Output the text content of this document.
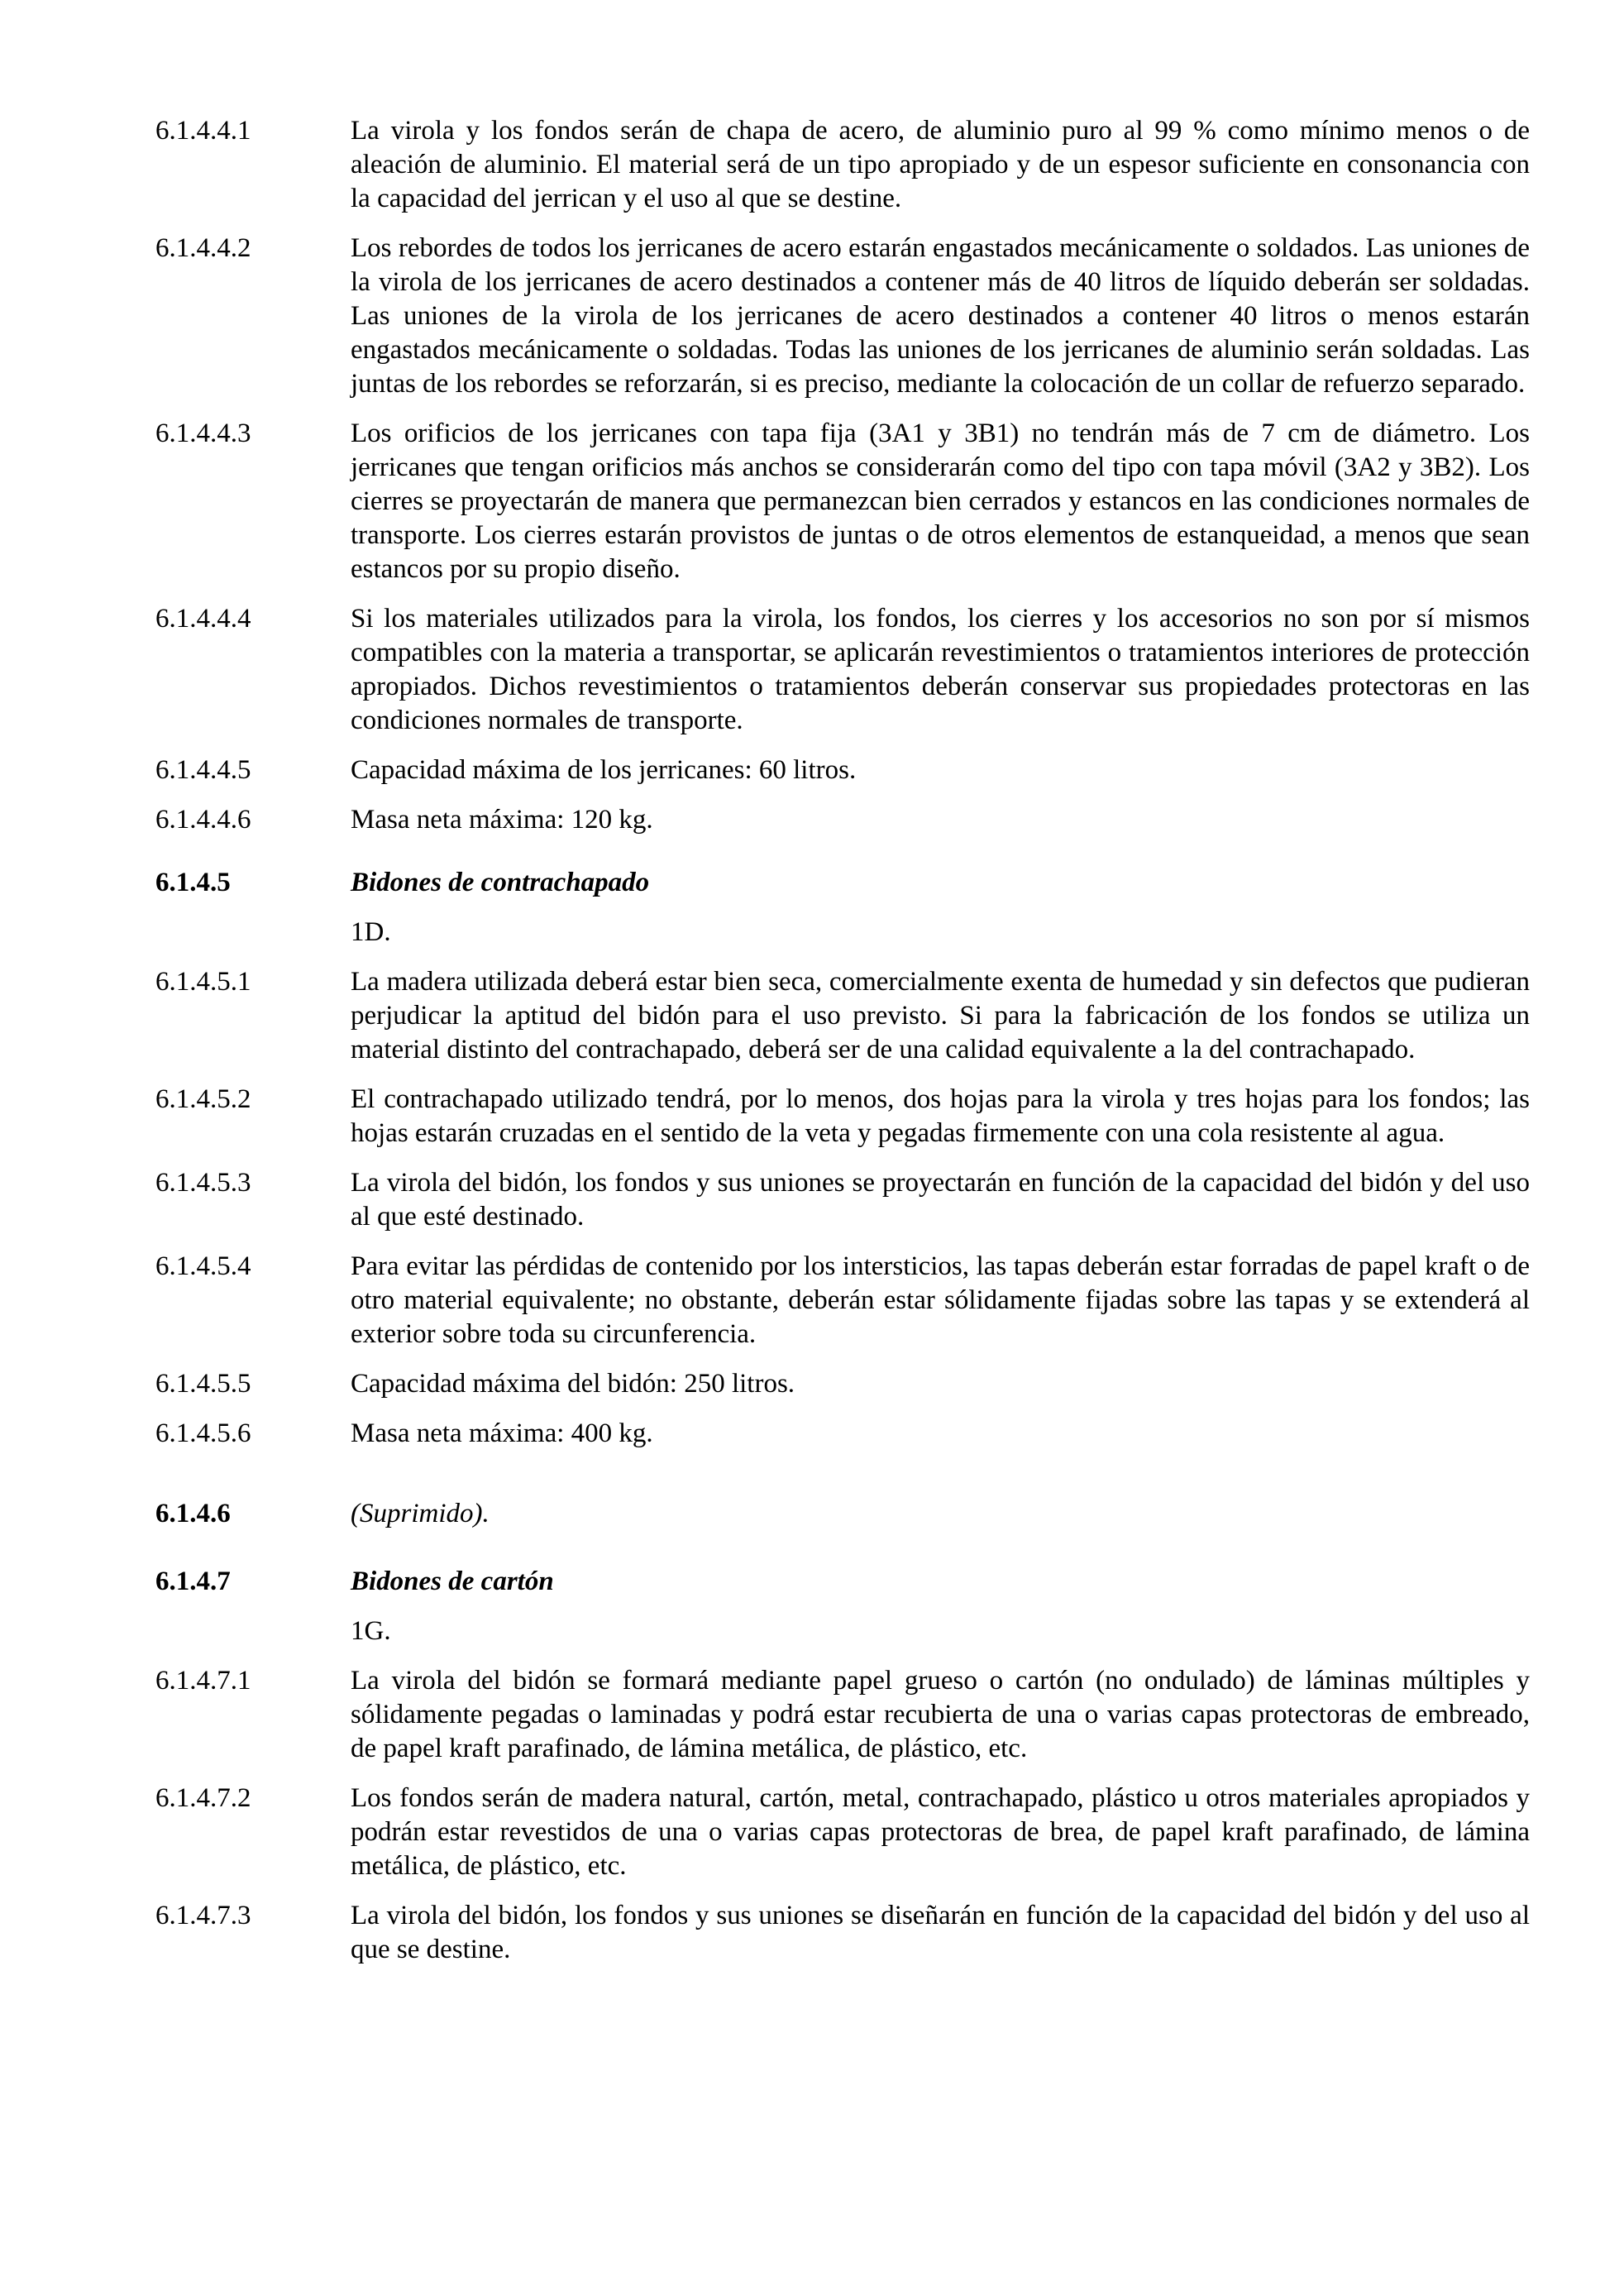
6.1.4.4.1	La virola y los fondos serán de chapa de acero, de aluminio puro al 99 % como mínimo menos o de aleación de aluminio. El material será de un tipo apropiado y de un espesor suficiente en consonancia con la capacidad del jerrican y el uso al que se destine.
6.1.4.4.2	Los rebordes de todos los jerricanes de acero estarán engastados mecánicamente o soldados. Las uniones de la virola de los jerricanes de acero destinados a contener más de 40 litros de líquido deberán ser soldadas. Las uniones de la virola de los jerricanes de acero destinados a contener 40 litros o menos estarán engastados mecánicamente o soldadas. Todas las uniones de los jerricanes de aluminio serán soldadas. Las juntas de los rebordes se reforzarán, si es preciso, mediante la colocación de un collar de refuerzo separado.
6.1.4.4.3	Los orificios de los jerricanes con tapa fija (3A1 y 3B1) no tendrán más de 7 cm de diámetro. Los jerricanes que tengan orificios más anchos se considerarán como del tipo con tapa móvil (3A2 y 3B2). Los cierres se proyectarán de manera que permanezcan bien cerrados y estancos en las condiciones normales de transporte. Los cierres estarán provistos de juntas o de otros elementos de estanqueidad, a menos que sean estancos por su propio diseño.
6.1.4.4.4	Si los materiales utilizados para la virola, los fondos, los cierres y los accesorios no son por sí mismos compatibles con la materia a transportar, se aplicarán revestimientos o tratamientos interiores de protección apropiados. Dichos revestimientos o tratamientos deberán conservar sus propiedades protectoras en las condiciones normales de transporte.
6.1.4.4.5	Capacidad máxima de los jerricanes: 60 litros.
6.1.4.4.6	Masa neta máxima: 120 kg.
6.1.4.5	Bidones de contrachapado
1D.
6.1.4.5.1	La madera utilizada deberá estar bien seca, comercialmente exenta de humedad y sin defectos que pudieran perjudicar la aptitud del bidón para el uso previsto. Si para la fabricación de los fondos se utiliza un material distinto del contrachapado, deberá ser de una calidad equivalente a la del contrachapado.
6.1.4.5.2	El contrachapado utilizado tendrá, por lo menos, dos hojas para la virola y tres hojas para los fondos; las hojas estarán cruzadas en el sentido de la veta y pegadas firmemente con una cola resistente al agua.
6.1.4.5.3	La virola del bidón, los fondos y sus uniones se proyectarán en función de la capacidad del bidón y del uso al que esté destinado.
6.1.4.5.4	Para evitar las pérdidas de contenido por los intersticios, las tapas deberán estar forradas de papel kraft o de otro material equivalente; no obstante, deberán estar sólidamente fijadas sobre las tapas y se extenderá al exterior sobre toda su circunferencia.
6.1.4.5.5	Capacidad máxima del bidón: 250 litros.
6.1.4.5.6	Masa neta máxima: 400 kg.
6.1.4.6	(Suprimido).
6.1.4.7	Bidones de cartón
1G.
6.1.4.7.1	La virola del bidón se formará mediante papel grueso o cartón (no ondulado) de láminas múltiples y sólidamente pegadas o laminadas y podrá estar recubierta de una o varias capas protectoras de embreado, de papel kraft parafinado, de lámina metálica, de plástico, etc.
6.1.4.7.2	Los fondos serán de madera natural, cartón, metal, contrachapado, plástico u otros materiales apropiados y podrán estar revestidos de una o varias capas protectoras de brea, de papel kraft parafinado, de lámina metálica, de plástico, etc.
6.1.4.7.3	La virola del bidón, los fondos y sus uniones se diseñarán en función de la capacidad del bidón y del uso al que se destine.
